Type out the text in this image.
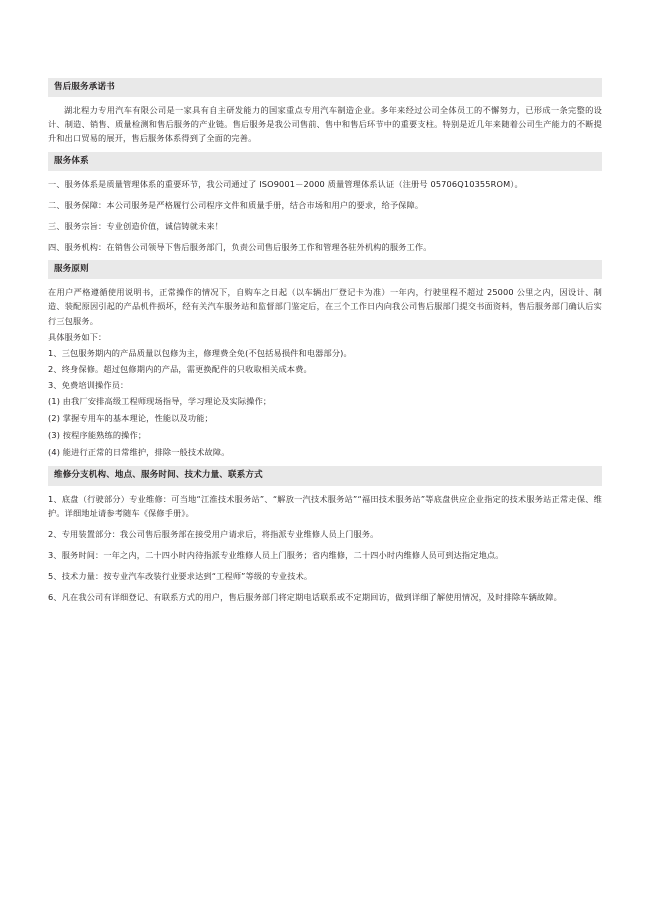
售后服务承诺书

湖北程力专用汽车有限公司是一家具有自主研发能力的国家重点专用汽车制造企业。多年来经过公司全体员工的不懈努力，已形成一条完整的设计、制造、销售、质量检测和售后服务的产业链。售后服务是我公司售前、售中和售后环节中的重要支柱。特别是近几年来随着公司生产能力的不断提升和出口贸易的展开，售后服务体系得到了全面的完善。

服务体系

一、服务体系是质量管理体系的重要环节，我公司通过了 ISO9001－2000 质量管理体系认证（注册号 05706Q10355ROM）。

二、服务保障：本公司服务是严格履行公司程序文件和质量手册，结合市场和用户的要求，给予保障。

三、服务宗旨：专业创造价值，诚信铸就未来！

四、服务机构：在销售公司领导下售后服务部门，负责公司售后服务工作和管理各驻外机构的服务工作。

服务原则

在用户严格遵循使用说明书，正常操作的情况下，自购车之日起（以车辆出厂登记卡为准）一年内，行驶里程不超过 25000 公里之内，因设计、制造、装配原因引起的产品机件损坏，经有关汽车服务站和监督部门鉴定后，在三个工作日内向我公司售后服部门提交书面资料，售后服务部门确认后实行三包服务。

具体服务如下：

1、三包服务期内的产品质量以包修为主，修理费全免(不包括易损件和电器部分)。

2、终身保修。超过包修期内的产品，需更换配件的只收取相关成本费。

3、免费培训操作员：

(1) 由我厂安排高级工程师现场指导，学习理论及实际操作；

(2) 掌握专用车的基本理论，性能以及功能；

(3) 按程序能熟练的操作；

(4) 能进行正常的日常维护，排除一般技术故障。

维修分支机构、地点、服务时间、技术力量、联系方式

1、底盘（行驶部分）专业维修：可当地“江淮技术服务站”、“解放一汽技术服务站”“福田技术服务站”等底盘供应企业指定的技术服务站正常走保、维护。详细地址请参考随车《保修手册》。

2、专用装置部分：我公司售后服务部在接受用户请求后，将指派专业维修人员上门服务。

3、服务时间：一年之内，二十四小时内待指派专业维修人员上门服务；省内维修，二十四小时内维修人员可到达指定地点。

5、技术力量：按专业汽车改装行业要求达到“工程师”等级的专业技术。

6、凡在我公司有详细登记、有联系方式的用户，售后服务部门将定期电话联系或不定期回访，做到详细了解使用情况，及时排除车辆故障。
